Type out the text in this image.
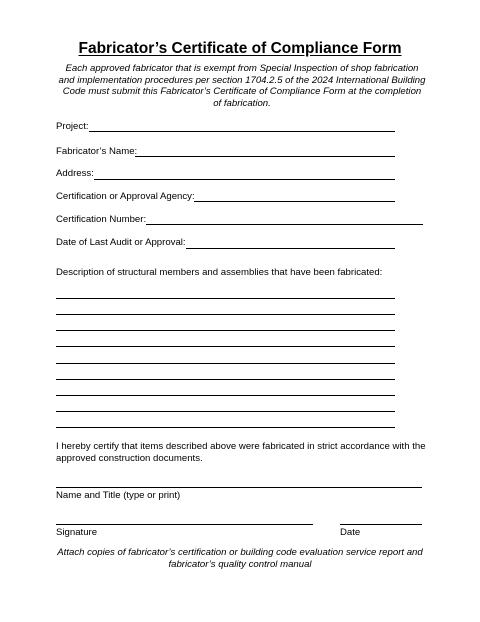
Fabricator’s Certificate of Compliance Form
Each approved fabricator that is exempt from Special Inspection of shop fabrication and implementation procedures per section 1704.2.5 of the 2024 International Building Code must submit this Fabricator’s Certificate of Compliance Form at the completion of fabrication.
Project:
Fabricator’s Name:
Address:
Certification or Approval Agency:
Certification Number:
Date of Last Audit or Approval:
Description of structural members and assemblies that have been fabricated:
I hereby certify that items described above were fabricated in strict accordance with the approved construction documents.
Name and Title (type or print)
Signature	Date
Attach copies of fabricator’s certification or building code evaluation service report and fabricator’s quality control manual
